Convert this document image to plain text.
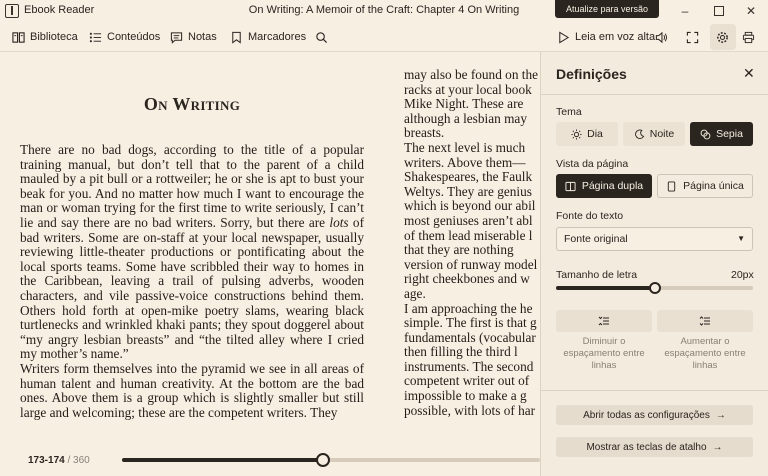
Ebook Reader	On Writing: A Memoir of the Craft: Chapter 4 On Writing	Atualize para versão PRO
–	✕
Biblioteca	Conteúdos	Notas	Marcadores	Leia em voz alta
On Writing

There are no bad dogs, according to the title of a popular training manual, but don’t tell that to the parent of a child mauled by a pit bull or a rottweiler; he or she is apt to bust your beak for you. And no matter how much I want to encourage the man or woman trying for the first time to write seriously, I can’t lie and say there are no bad writers. Sorry, but there are lots of bad writers. Some are on-staff at your local newspaper, usually reviewing little-theater productions or pontificating about the local sports teams. Some have scribbled their way to homes in the Caribbean, leaving a trail of pulsing adverbs, wooden characters, and vile passive-voice constructions behind them. Others hold forth at open-mike poetry slams, wearing black turtlenecks and wrinkled khaki pants; they spout doggerel about “my angry lesbian breasts” and “the tilted alley where I cried my mother’s name.”

Writers form themselves into the pyramid we see in all areas of human talent and human creativity. At the bottom are the bad ones. Above them is a group which is slightly smaller but still large and welcoming; these are the competent writers. They

may also be found on the
racks at your local book
Mike Night. These are
although a lesbian may
breasts.
The next level is much
writers. Above them—
Shakespeares, the Faulk
Weltys. They are genius
which is beyond our abil
most geniuses aren’t abl
of them lead miserable l
that they are nothing
version of runway model
right cheekbones and w
age.
I am approaching the he
simple. The first is that g
fundamentals (vocabular
then filling the third l
instruments. The second
competent writer out of
impossible to make a g
possible, with lots of har
173-174 / 360
Definições	✕
Tema
Dia	Noite	Sepia
Vista da página
Página dupla	Página única
Fonte do texto
Fonte original	▼
Tamanho de letra	20px
Diminuir o espaçamento entre linhas
Aumentar o espaçamento entre linhas
Abrir todas as configurações →
Mostrar as teclas de atalho →
